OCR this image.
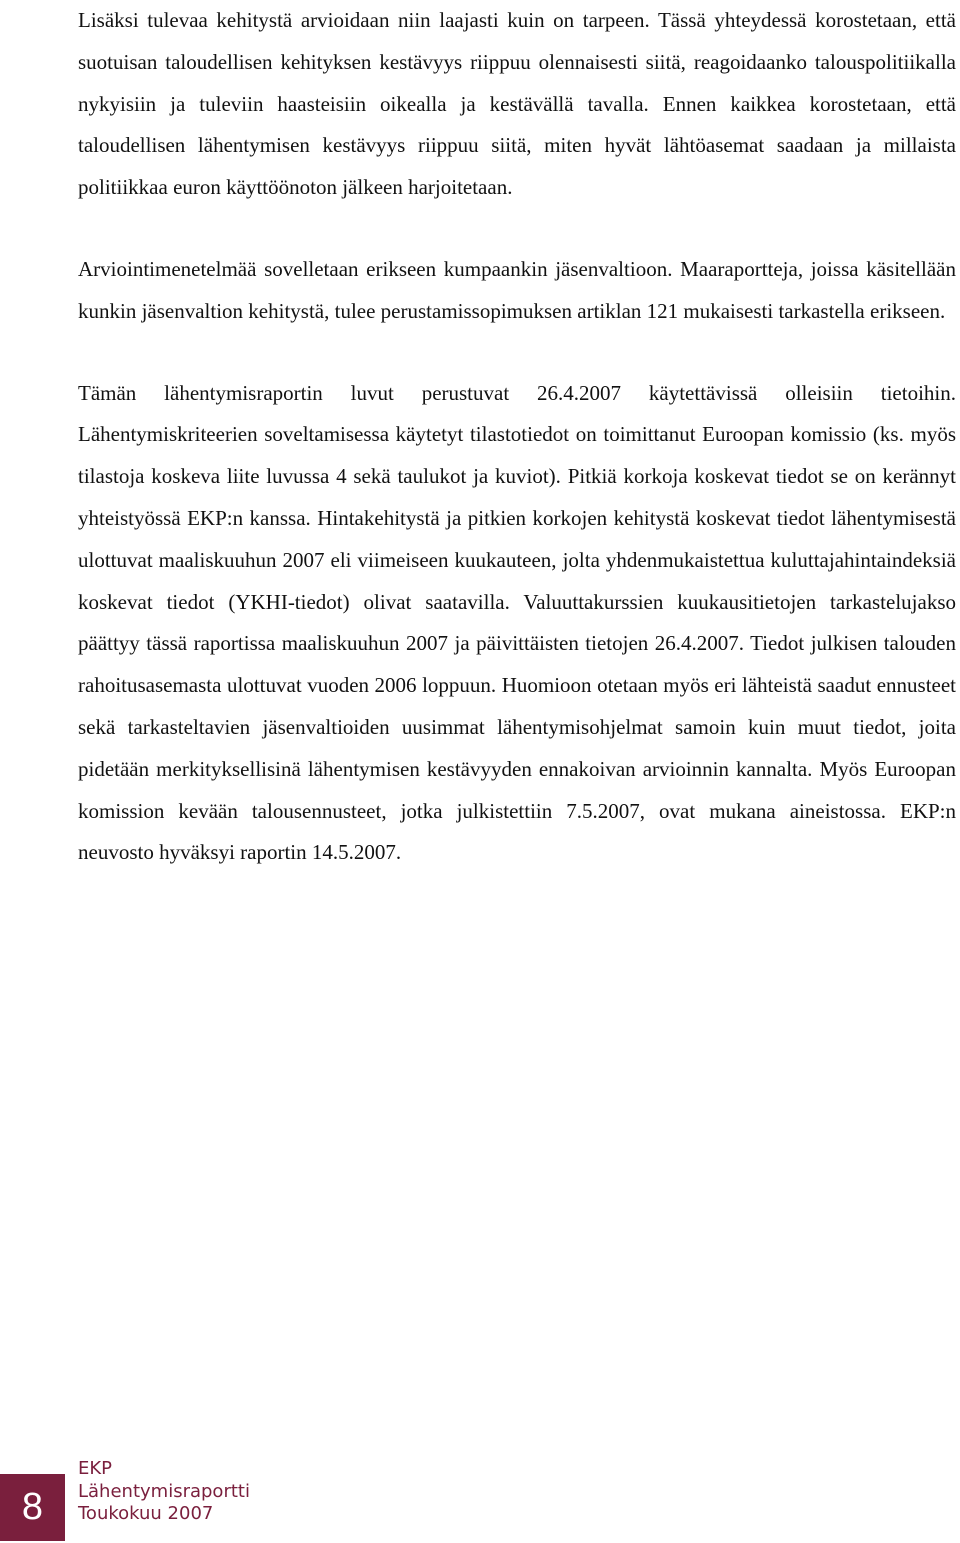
Lisäksi tulevaa kehitystä arvioidaan niin laajasti kuin on tarpeen. Tässä yhteydessä korostetaan, että suotuisan taloudellisen kehityksen kestävyys riippuu olennaisesti siitä, reagoidaanko talouspolitiikalla nykyisiin ja tuleviin haasteisiin oikealla ja kestävällä tavalla. Ennen kaikkea korostetaan, että taloudellisen lähentymisen kestävyys riippuu siitä, miten hyvät lähtöasemat saadaan ja millaista politiikkaa euron käyttöönoton jälkeen harjoitetaan.

Arviointimenetelmää sovelletaan erikseen kumpaankin jäsenvaltioon. Maaraportteja, joissa käsitellään kunkin jäsenvaltion kehitystä, tulee perustamissopimuksen artiklan 121 mukaisesti tarkastella erikseen.

Tämän lähentymisraportin luvut perustuvat 26.4.2007 käytettävissä olleisiin tietoihin. Lähentymiskriteerien soveltamisessa käytetyt tilastotiedot on toimittanut Euroopan komissio (ks. myös tilastoja koskeva liite luvussa 4 sekä taulukot ja kuviot). Pitkiä korkoja koskevat tiedot se on kerännyt yhteistyössä EKP:n kanssa. Hintakehitystä ja pitkien korkojen kehitystä koskevat tiedot lähentymisestä ulottuvat maaliskuuhun 2007 eli viimeiseen kuukauteen, jolta yhdenmukaistettua kuluttajahintaindeksiä koskevat tiedot (YKHI-tiedot) olivat saatavilla. Valuuttakurssien kuukausitietojen tarkastelujakso päättyy tässä raportissa maaliskuuhun 2007 ja päivittäisten tietojen 26.4.2007. Tiedot julkisen talouden rahoitusasemasta ulottuvat vuoden 2006 loppuun. Huomioon otetaan myös eri lähteistä saadut ennusteet sekä tarkasteltavien jäsenvaltioiden uusimmat lähentymisohjelmat samoin kuin muut tiedot, joita pidetään merkityksellisinä lähentymisen kestävyyden ennakoivan arvioinnin kannalta. Myös Euroopan komission kevään talousennusteet, jotka julkistettiin 7.5.2007, ovat mukana aineistossa. EKP:n neuvosto hyväksyi raportin 14.5.2007.

8
EKP
Lähentymisraportti
Toukokuu 2007
